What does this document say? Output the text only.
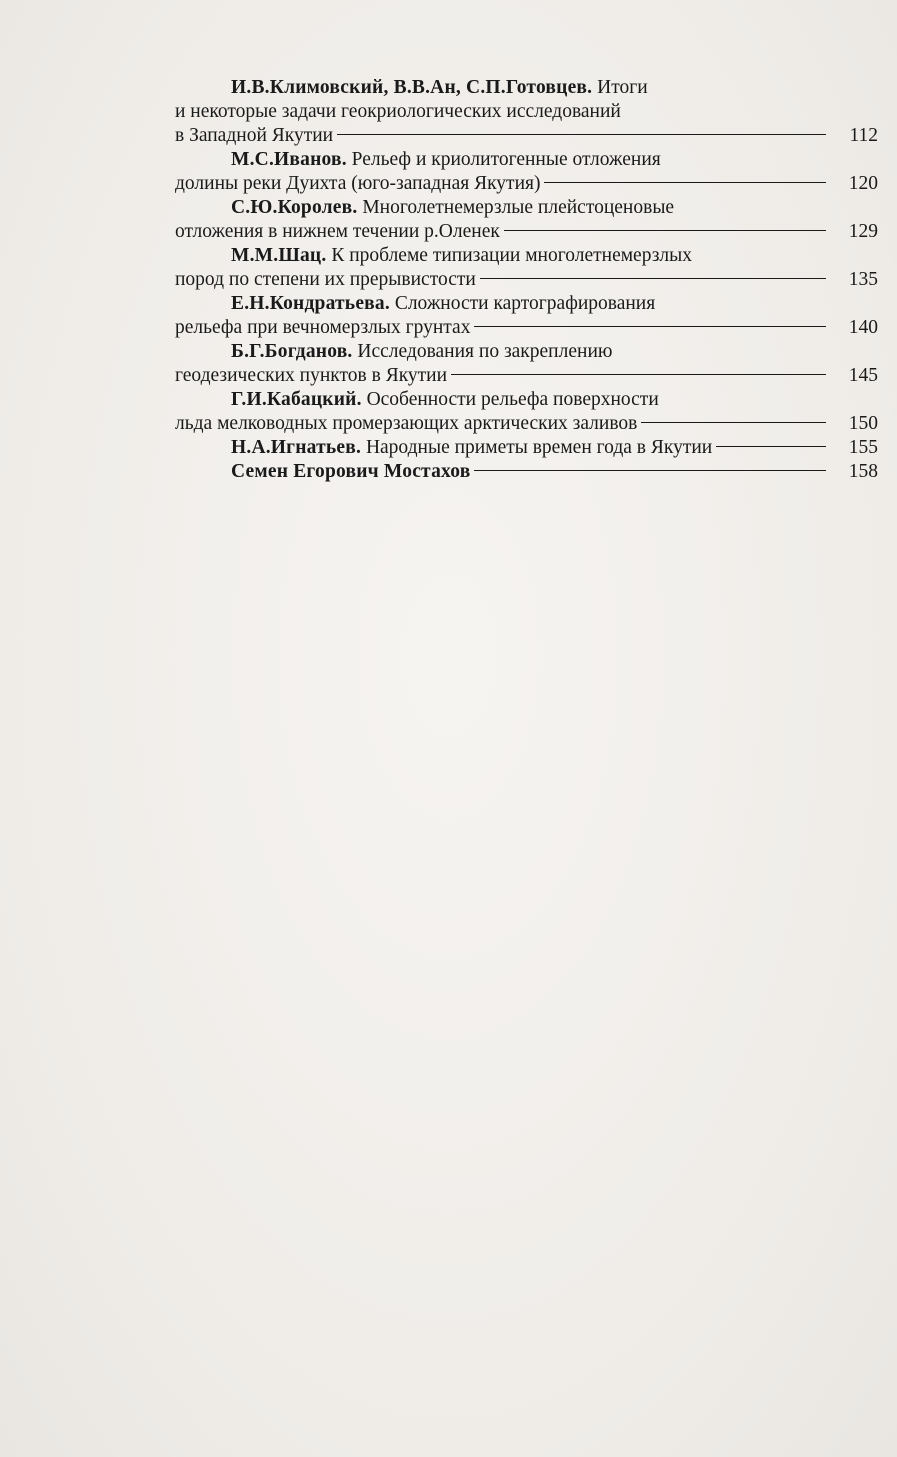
И.В.Климовский, В.В.Ан, С.П.Готовцев. Итоги
и некоторые задачи геокриологических исследований
в Западной Якутии	112
М.С.Иванов. Рельеф и криолитогенные отложения
долины реки Дуихта (юго-западная Якутия)	120
С.Ю.Королев. Многолетнемерзлые плейстоценовые
отложения в нижнем течении р.Оленек	129
М.М.Шац. К проблеме типизации многолетнемерзлых
пород по степени их прерывистости	135
Е.Н.Кондратьева. Сложности картографирования
рельефа при вечномерзлых грунтах	140
Б.Г.Богданов. Исследования по закреплению
геодезических пунктов в Якутии	145
Г.И.Кабацкий. Особенности рельефа поверхности
льда мелководных промерзающих арктических заливов	150
Н.А.Игнатьев. Народные приметы времен года в Якутии	155
Семен Егорович Мостахов	158
